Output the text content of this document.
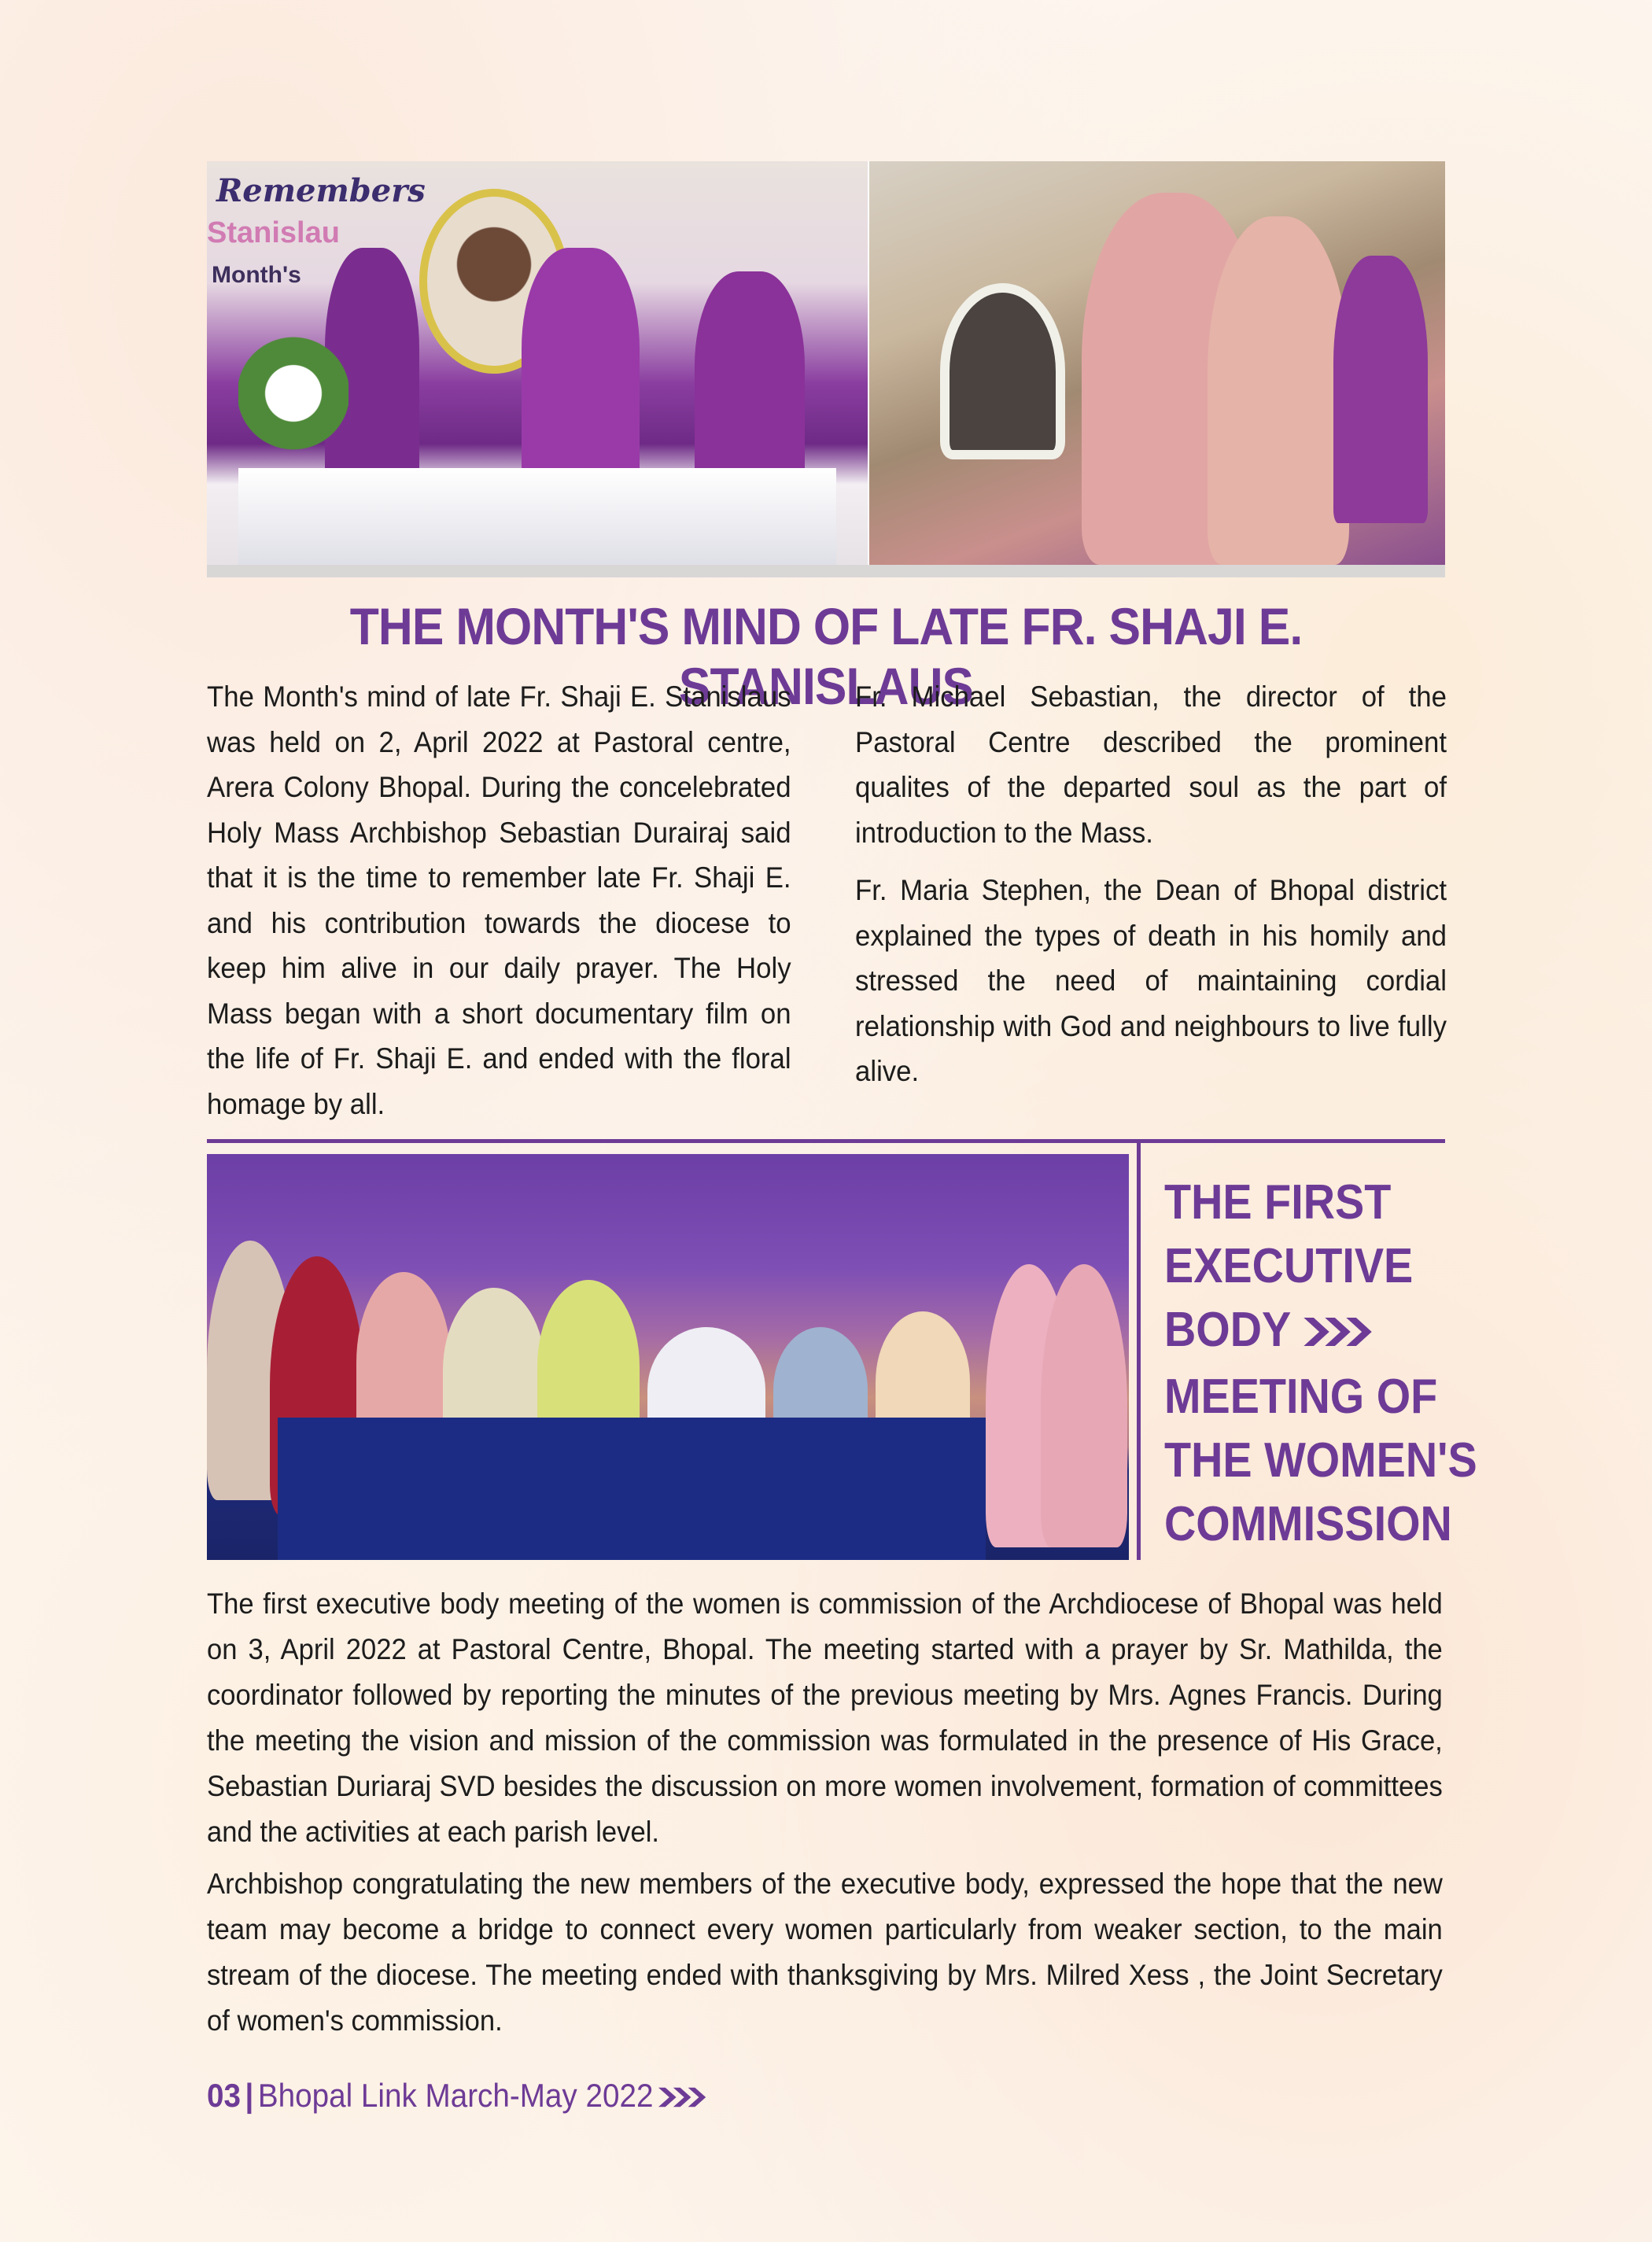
Remembers
Stanislau
Month's
THE MONTH'S MIND OF LATE FR. SHAJI E. STANISLAUS

The Month's mind of late Fr. Shaji E. Stanislaus was held on 2, April 2022 at Pastoral centre, Arera Colony Bhopal. During the concelebrated Holy Mass Archbishop Sebastian Durairaj said that it is the time to remember late Fr. Shaji E. and his contribution towards the diocese to keep him alive in our daily prayer. The Holy Mass began with a short documentary film on the life of Fr. Shaji E. and ended with the floral homage by all.

Fr. Michael Sebastian, the director of the Pastoral Centre described the prominent qualites of the departed soul as the part of introduction to the Mass.

Fr. Maria Stephen, the Dean of Bhopal district explained the types of death in his homily and stressed the need of maintaining cordial relationship with God and neighbours to live fully alive.

THE FIRST
EXECUTIVE
BODY
MEETING OF
THE WOMEN'S
COMMISSION

The first executive body meeting of the women is commission of the Archdiocese of Bhopal was held on 3, April 2022 at Pastoral Centre, Bhopal. The meeting started with a prayer by Sr. Mathilda, the coordinator followed by reporting the minutes of the previous meeting by Mrs. Agnes Francis. During the meeting the vision and mission of the commission was formulated in the presence of His Grace, Sebastian Duriaraj SVD besides the discussion on more women involvement, formation of committees and the activities at each parish level.

Archbishop congratulating the new members of the executive body, expressed the hope that the new team may become a bridge to connect every women particularly from weaker section, to the main stream of the diocese. The meeting ended with thanksgiving by Mrs. Milred Xess , the Joint Secretary of women's commission.

03 | Bhopal Link March-May 2022
